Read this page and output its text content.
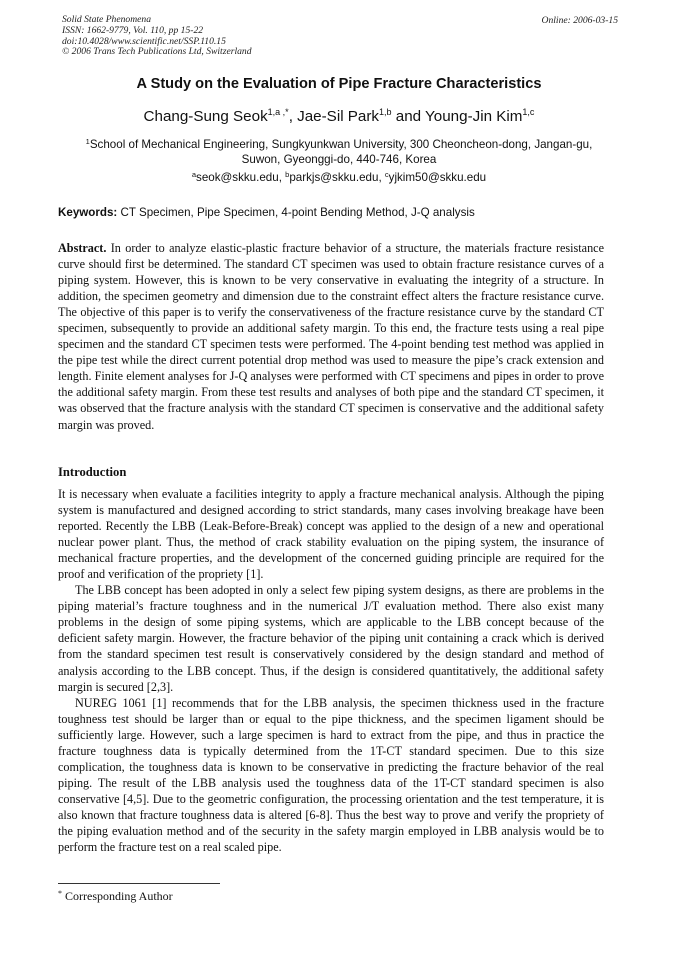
Solid State Phenomena
ISSN: 1662-9779, Vol. 110, pp 15-22
doi:10.4028/www.scientific.net/SSP.110.15
© 2006 Trans Tech Publications Ltd, Switzerland
Online: 2006-03-15
A Study on the Evaluation of Pipe Fracture Characteristics
Chang-Sung Seok$^{1,a ,*}$, Jae-Sil Park$^{1,b}$ and Young-Jin Kim$^{1,c}$
$^1$School of Mechanical Engineering, Sungkyunkwan University, 300 Cheoncheon-dong, Jangan-gu,
Suwon, Gyeonggi-do, 440-746, Korea
$^a$seok@skku.edu, $^b$parkjs@skku.edu, $^c$yjkim50@skku.edu
Keywords: CT Specimen, Pipe Specimen, 4-point Bending Method, J-Q analysis

Abstract. In order to analyze elastic-plastic fracture behavior of a structure, the materials fracture resistance curve should first be determined. The standard CT specimen was used to obtain fracture resistance curves of a piping system. However, this is known to be very conservative in evaluating the integrity of a structure. In addition, the specimen geometry and dimension due to the constraint effect alters the fracture resistance curve. The objective of this paper is to verify the conservativeness of the fracture resistance curve by the standard CT specimen, subsequently to provide an additional safety margin. To this end, the fracture tests using a real pipe specimen and the standard CT specimen tests were performed. The 4-point bending test method was applied in the pipe test while the direct current potential drop method was used to measure the pipe’s crack extension and length. Finite element analyses for J-Q analyses were performed with CT specimens and pipes in order to prove the additional safety margin. From these test results and analyses of both pipe and the standard CT specimen, it was observed that the fracture analysis with the standard CT specimen is conservative and the additional safety margin was proved.

Introduction

It is necessary when evaluate a facilities integrity to apply a fracture mechanical analysis. Although the piping system is manufactured and designed according to strict standards, many cases involving breakage have been reported. Recently the LBB (Leak-Before-Break) concept was applied to the design of a new and operational nuclear power plant. Thus, the method of crack stability evaluation on the piping system, the insurance of mechanical fracture properties, and the development of the concerned guiding principle are required for the proof and verification of the propriety [1].

The LBB concept has been adopted in only a select few piping system designs, as there are problems in the piping material’s fracture toughness and in the numerical J/T evaluation method. There also exist many problems in the design of some piping systems, which are applicable to the LBB concept because of the deficient safety margin. However, the fracture behavior of the piping unit containing a crack which is derived from the standard specimen test result is conservatively considered by the design standard and method of analysis according to the LBB concept. Thus, if the design is considered quantitatively, the additional safety margin is secured [2,3].

NUREG 1061 [1] recommends that for the LBB analysis, the specimen thickness used in the fracture toughness test should be larger than or equal to the pipe thickness, and the specimen ligament should be sufficiently large. However, such a large specimen is hard to extract from the pipe, and thus in practice the fracture toughness data is typically determined from the 1T-CT standard specimen. Due to this size complication, the toughness data is known to be conservative in predicting the fracture behavior of the real piping. The result of the LBB analysis used the toughness data of the 1T-CT standard specimen is also conservative [4,5]. Due to the geometric configuration, the processing orientation and the test temperature, it is also known that fracture toughness data is altered [6-8]. Thus the best way to prove and verify the propriety of the piping evaluation method and of the security in the safety margin employed in LBB analysis would be to perform the fracture test on a real scaled pipe.

* Corresponding Author
